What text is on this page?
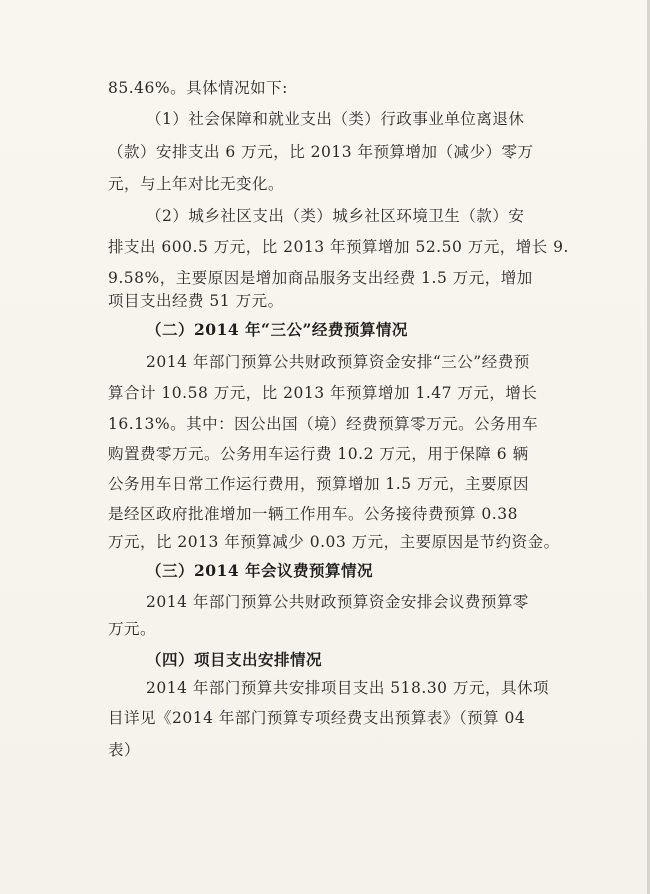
85.46%。具体情况如下:
（1）社会保障和就业支出（类）行政事业单位离退休
（款）安排支出 6 万元，比 2013 年预算增加（减少）零万
元，与上年对比无变化。
（2）城乡社区支出（类）城乡社区环境卫生（款）安
排支出 600.5 万元，比 2013 年预算增加 52.50 万元，增长 9.
9.58%，主要原因是增加商品服务支出经费 1.5 万元，增加
项目支出经费 51 万元。
（二）2014 年“三公”经费预算情况
2014 年部门预算公共财政预算资金安排“三公”经费预
算合计 10.58 万元，比 2013 年预算增加 1.47 万元，增长
16.13%。其中：因公出国（境）经费预算零万元。公务用车
购置费零万元。公务用车运行费 10.2 万元，用于保障 6 辆
公务用车日常工作运行费用，预算增加 1.5 万元，主要原因
是经区政府批准增加一辆工作用车。公务接待费预算 0.38
万元，比 2013 年预算减少 0.03 万元，主要原因是节约资金。
（三）2014 年会议费预算情况
2014 年部门预算公共财政预算资金安排会议费预算零
万元。
（四）项目支出安排情况
2014 年部门预算共安排项目支出 518.30 万元，具休项
目详见《2014 年部门预算专项经费支出预算表》（预算 04
表）
